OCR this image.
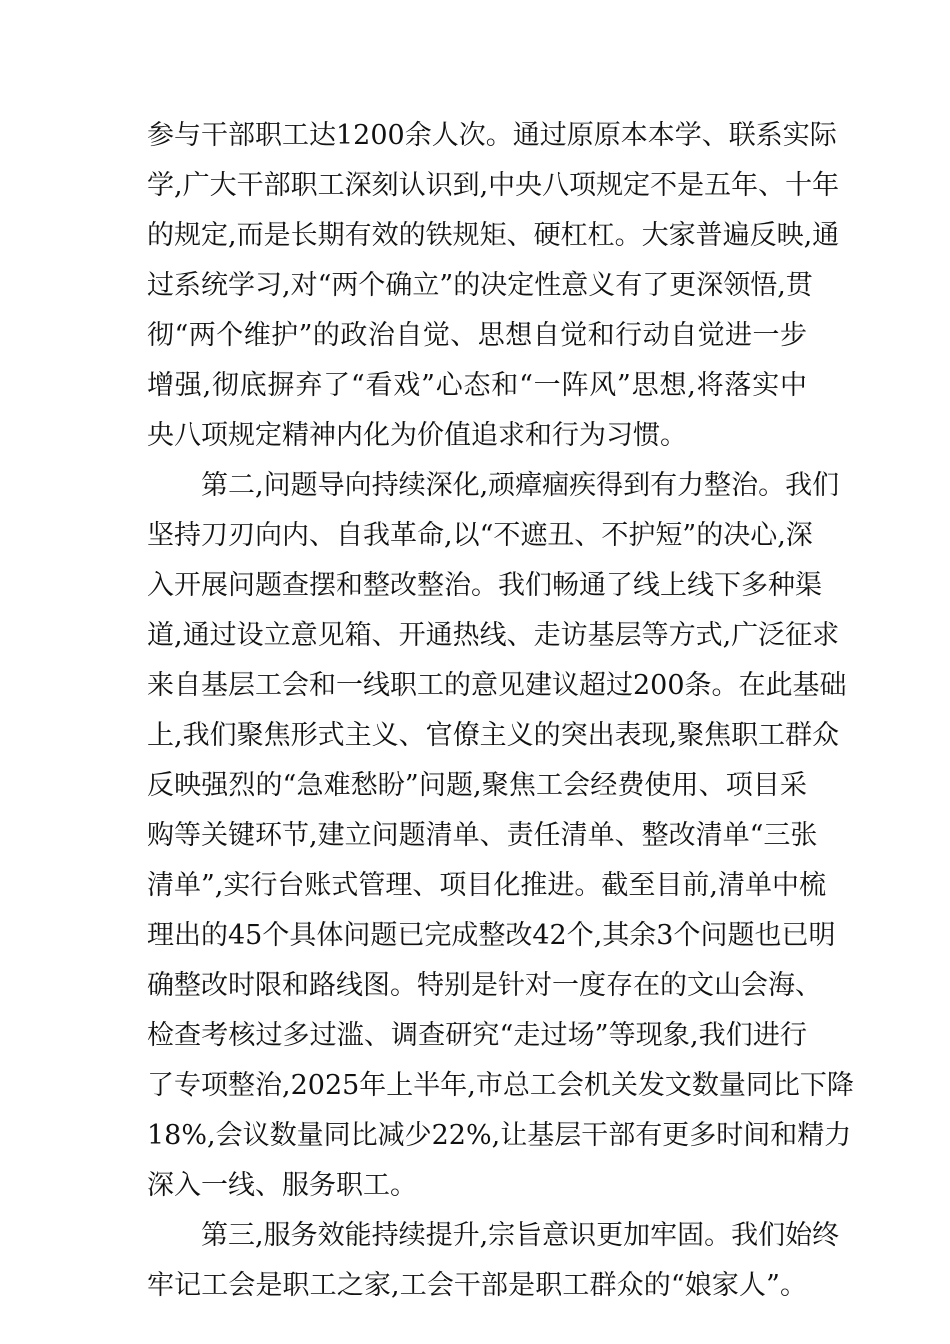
参与干部职工达1200余人次。通过原原本本学、联系实际
学,广大干部职工深刻认识到,中央八项规定不是五年、十年
的规定,而是长期有效的铁规矩、硬杠杠。大家普遍反映,通
过系统学习,对“两个确立”的决定性意义有了更深领悟,贯
彻“两个维护”的政治自觉、思想自觉和行动自觉进一步
增强,彻底摒弃了“看戏”心态和“一阵风”思想,将落实中
央八项规定精神内化为价值追求和行为习惯。
第二,问题导向持续深化,顽瘴痼疾得到有力整治。我们
坚持刀刃向内、自我革命,以“不遮丑、不护短”的决心,深
入开展问题查摆和整改整治。我们畅通了线上线下多种渠
道,通过设立意见箱、开通热线、走访基层等方式,广泛征求
来自基层工会和一线职工的意见建议超过200条。在此基础
上,我们聚焦形式主义、官僚主义的突出表现,聚焦职工群众
反映强烈的“急难愁盼”问题,聚焦工会经费使用、项目采
购等关键环节,建立问题清单、责任清单、整改清单“三张
清单”,实行台账式管理、项目化推进。截至目前,清单中梳
理出的45个具体问题已完成整改42个,其余3个问题也已明
确整改时限和路线图。特别是针对一度存在的文山会海、
检查考核过多过滥、调查研究“走过场”等现象,我们进行
了专项整治,2025年上半年,市总工会机关发文数量同比下降
18%,会议数量同比减少22%,让基层干部有更多时间和精力
深入一线、服务职工。
第三,服务效能持续提升,宗旨意识更加牢固。我们始终
牢记工会是职工之家,工会干部是职工群众的“娘家人”。
